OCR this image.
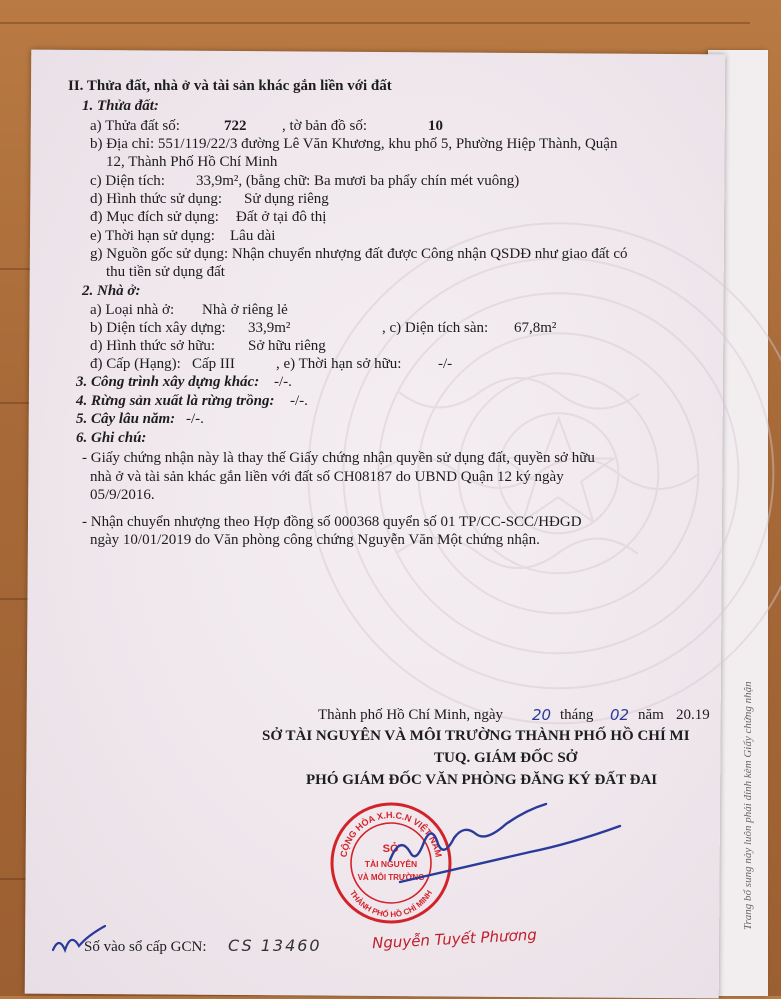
Trang bổ sung này luôn phải đính kèm Giấy chứng nhận
II. Thửa đất, nhà ở và tài sản khác gắn liền với đất
1. Thửa đất:
a) Thửa đất số:	722 , tờ bản đồ số:	10
b) Địa chỉ: 551/119/22/3 đường Lê Văn Khương, khu phố 5, Phường Hiệp Thành, Quận
12, Thành Phố Hồ Chí Minh
c) Diện tích: 33,9m², (bằng chữ: Ba mươi ba phẩy chín mét vuông)
d) Hình thức sử dụng: Sử dụng riêng
đ) Mục đích sử dụng: Đất ở tại đô thị
e) Thời hạn sử dụng: Lâu dài
g) Nguồn gốc sử dụng: Nhận chuyển nhượng đất được Công nhận QSDĐ như giao đất có
thu tiền sử dụng đất
2. Nhà ở:
a) Loại nhà ở: Nhà ở riêng lẻ
b) Diện tích xây dựng: 33,9m²	, c) Diện tích sàn: 67,8m²
d) Hình thức sở hữu: Sở hữu riêng
đ) Cấp (Hạng): Cấp III	, e) Thời hạn sở hữu: -/-
3. Công trình xây dựng khác: -/-.
4. Rừng sản xuất là rừng trồng: -/-.
5. Cây lâu năm: -/-.
6. Ghi chú:
- Giấy chứng nhận này là thay thế Giấy chứng nhận quyền sử dụng đất, quyền sở hữu
nhà ở và tài sản khác gắn liền với đất số CH08187 do UBND Quận 12 ký ngày
05/9/2016.
- Nhận chuyển nhượng theo Hợp đồng số 000368 quyển số 01 TP/CC-SCC/HĐGD
ngày 10/01/2019 do Văn phòng công chứng Nguyễn Văn Một chứng nhận.
Thành phố Hồ Chí Minh, ngày 20 tháng 02 năm 20.19
SỞ TÀI NGUYÊN VÀ MÔI TRƯỜNG THÀNH PHỐ HỒ CHÍ MI
TUQ. GIÁM ĐỐC SỞ
PHÓ GIÁM ĐỐC VĂN PHÒNG ĐĂNG KÝ ĐẤT ĐAI
CỘNG HÒA X.H.C.N VIỆT NAM
THÀNH PHỐ HỒ CHÍ MINH
SỞ
TÀI NGUYÊN
VÀ MÔI TRƯỜNG
Nguyễn Tuyết Phương
Số vào sổ cấp GCN: CS 13460
